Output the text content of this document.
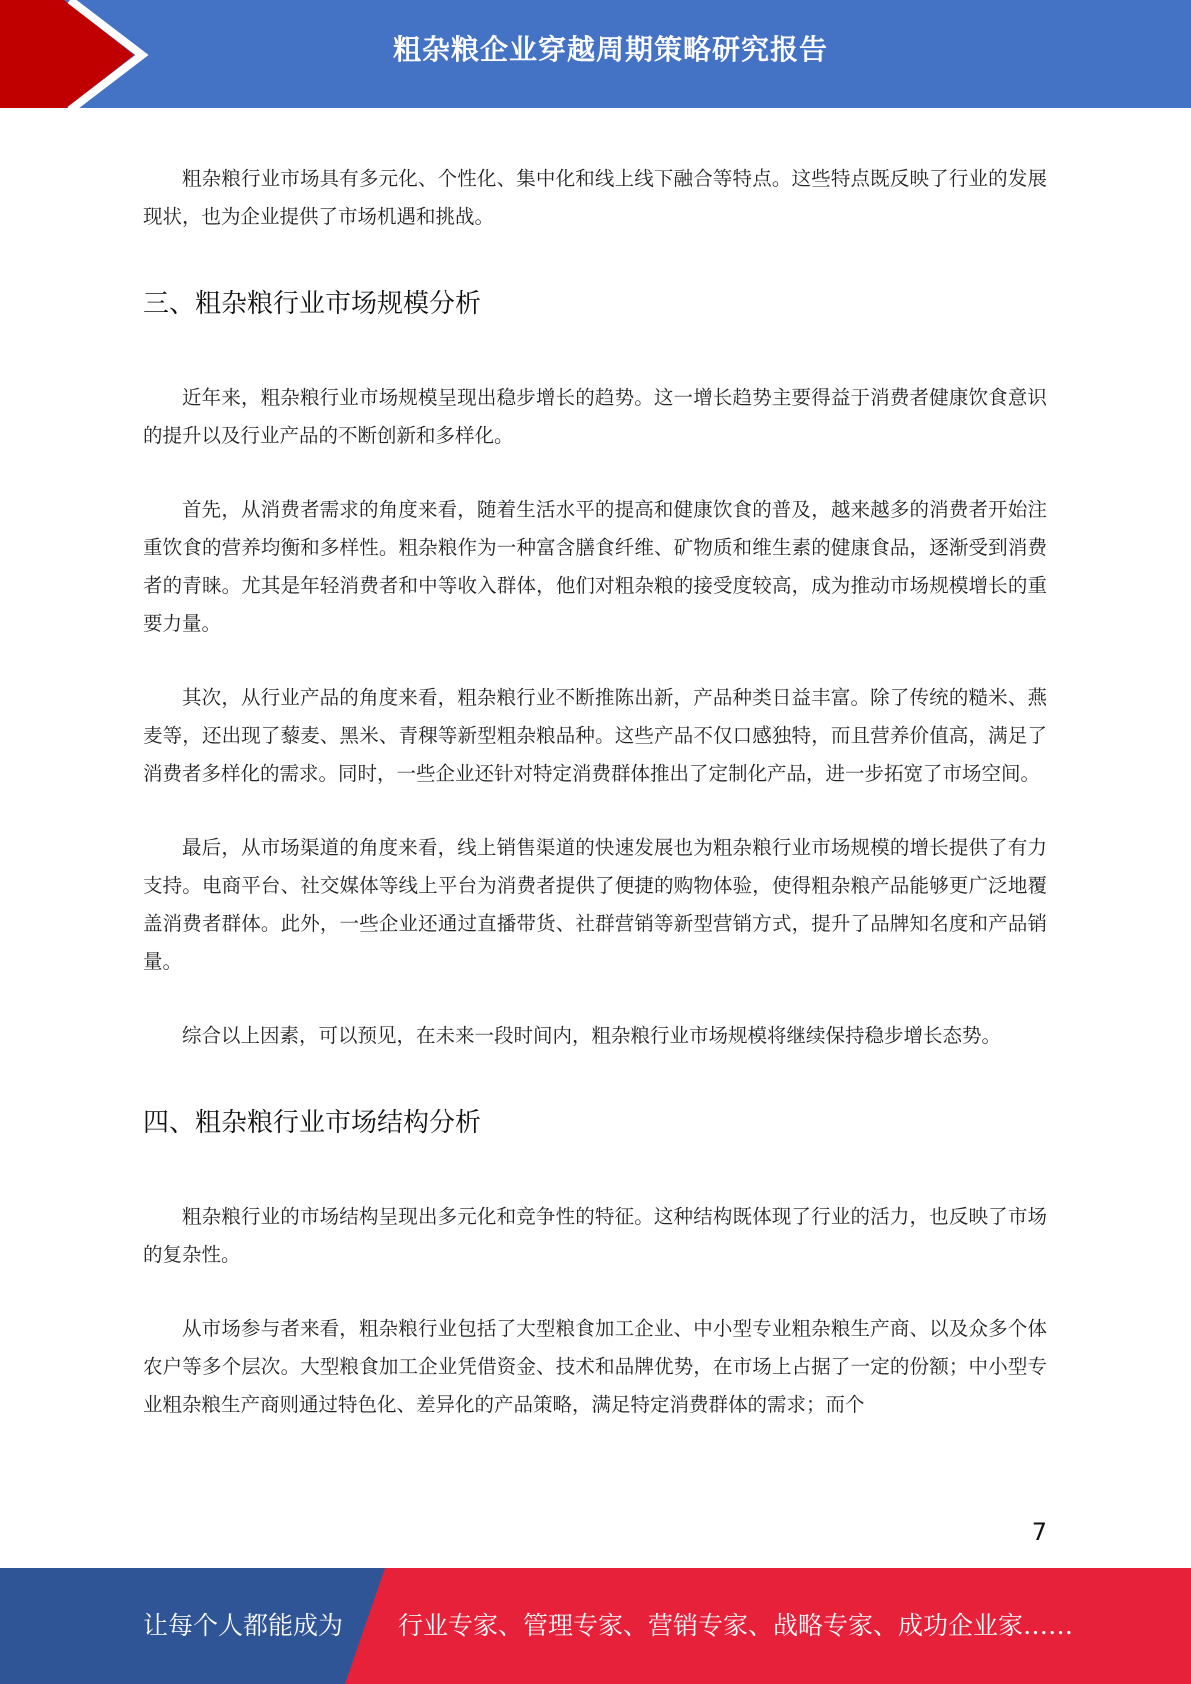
粗杂粮企业穿越周期策略研究报告

粗杂粮行业市场具有多元化、个性化、集中化和线上线下融合等特点。这些特点既反映了行业的发展现状，也为企业提供了市场机遇和挑战。

三、粗杂粮行业市场规模分析

近年来，粗杂粮行业市场规模呈现出稳步增长的趋势。这一增长趋势主要得益于消费者健康饮食意识的提升以及行业产品的不断创新和多样化。

首先，从消费者需求的角度来看，随着生活水平的提高和健康饮食的普及，越来越多的消费者开始注重饮食的营养均衡和多样性。粗杂粮作为一种富含膳食纤维、矿物质和维生素的健康食品，逐渐受到消费者的青睐。尤其是年轻消费者和中等收入群体，他们对粗杂粮的接受度较高，成为推动市场规模增长的重要力量。

其次，从行业产品的角度来看，粗杂粮行业不断推陈出新，产品种类日益丰富。除了传统的糙米、燕麦等，还出现了藜麦、黑米、青稞等新型粗杂粮品种。这些产品不仅口感独特，而且营养价值高，满足了消费者多样化的需求。同时，一些企业还针对特定消费群体推出了定制化产品，进一步拓宽了市场空间。

最后，从市场渠道的角度来看，线上销售渠道的快速发展也为粗杂粮行业市场规模的增长提供了有力支持。电商平台、社交媒体等线上平台为消费者提供了便捷的购物体验，使得粗杂粮产品能够更广泛地覆盖消费者群体。此外，一些企业还通过直播带货、社群营销等新型营销方式，提升了品牌知名度和产品销量。

综合以上因素，可以预见，在未来一段时间内，粗杂粮行业市场规模将继续保持稳步增长态势。

四、粗杂粮行业市场结构分析

粗杂粮行业的市场结构呈现出多元化和竞争性的特征。这种结构既体现了行业的活力，也反映了市场的复杂性。

从市场参与者来看，粗杂粮行业包括了大型粮食加工企业、中小型专业粗杂粮生产商、以及众多个体农户等多个层次。大型粮食加工企业凭借资金、技术和品牌优势，在市场上占据了一定的份额；中小型专业粗杂粮生产商则通过特色化、差异化的产品策略，满足特定消费群体的需求；而个

7
让每个人都能成为 行业专家、管理专家、营销专家、战略专家、成功企业家……
